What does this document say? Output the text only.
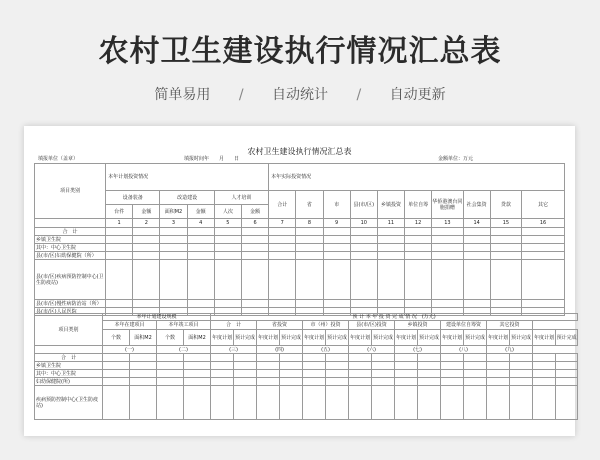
农村卫生建设执行情况汇总表
简单易用 / 自动统计 / 自动更新
农村卫生建设执行情况汇总表
填报单位（盖章）	填报时间年　　月　　日	金额单位：万元
项目类别	本年计划投资情况						本年实际投资情况									
	设备装备		改造建设		人才培训		合计	省	市	县(市/区)	乡镇投资	单位自筹	华侨港澳台同胞捐赠	社会集资	贷款	其它
	台件	金额	面积M2	金额	人次	金额										
	1	2	3	4	5	6	7	8	9	10	11	12	13	14	15	16
合　计																
乡镇卫生院																
其中：中心卫生院																
县(市/区)妇幼保健院（所）																
县(市/区)疾病预防控制中心(卫生防疫站)																
县(市/区)慢性病防治站（所）																
县(市/区)人民医院																
项目类别	本年计划建设规模				预 计 本 年 投 资 完 成 情 况　(万元)															
	本年在建项目		本年竣工项目		合　计		省投资		市（州）投资		县(市/区)投资		乡镇投资		建设单位自筹资		其它投资			
	个数	面积M2	个数	面积M2	年度计划	预计完成	年度计划	预计完成	年度计划	预计完成	年度计划	预计完成	年度计划	预计完成	年度计划	预计完成	年度计划	预计完成	年度计划	预计完成
	(一)		(二)		(三)		(四)		(五)		(六)		(七)		(八)		(九)			
合　计																				
乡镇卫生院																				
其中：中心卫生院																				
妇幼保健院(所)																				
疾病预防控制中心(卫生防疫站)																				
